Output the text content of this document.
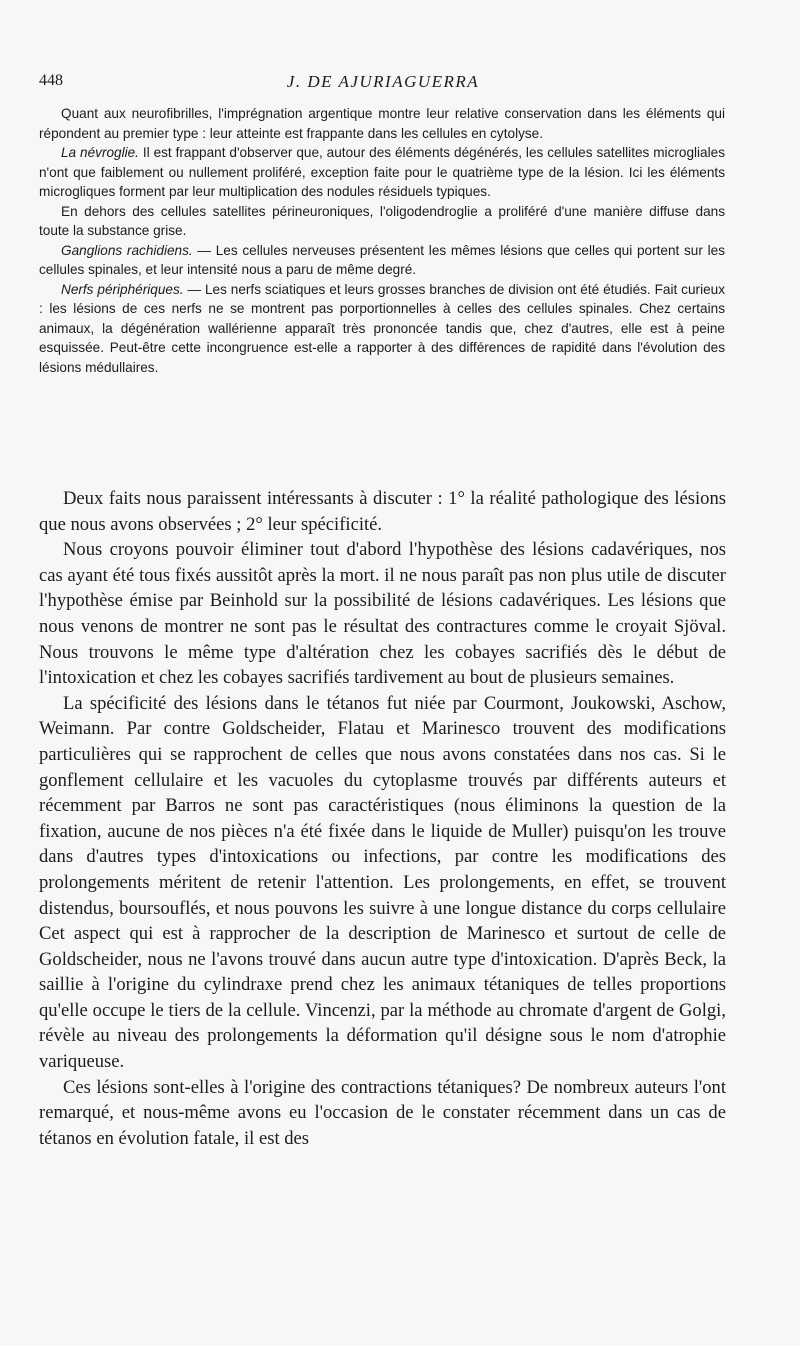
448	J. DE AJURIAGUERRA

Quant aux neurofibrilles, l'imprégnation argentique montre leur relative conservation dans les éléments qui répondent au premier type : leur atteinte est frappante dans les cellules en cytolyse.

La névroglie. Il est frappant d'observer que, autour des éléments dégénérés, les cellules satellites microgliales n'ont que faiblement ou nullement proliféré, exception faite pour le quatrième type de la lésion. Ici les éléments microgliques forment par leur multiplication des nodules résiduels typiques.

En dehors des cellules satellites périneuroniques, l'oligodendroglie a proliféré d'une manière diffuse dans toute la substance grise.

Ganglions rachidiens. — Les cellules nerveuses présentent les mêmes lésions que celles qui portent sur les cellules spinales, et leur intensité nous a paru de même degré.

Nerfs périphériques. — Les nerfs sciatiques et leurs grosses branches de division ont été étudiés. Fait curieux : les lésions de ces nerfs ne se montrent pas porportionnelles à celles des cellules spinales. Chez certains animaux, la dégénération wallérienne apparaît très prononcée tandis que, chez d'autres, elle est à peine esquissée. Peut-être cette incongruence est-elle a rapporter à des différences de rapidité dans l'évolution des lésions médullaires.

Deux faits nous paraissent intéressants à discuter : 1° la réalité pathologique des lésions que nous avons observées ; 2° leur spécificité.

Nous croyons pouvoir éliminer tout d'abord l'hypothèse des lésions cadavériques, nos cas ayant été tous fixés aussitôt après la mort. il ne nous paraît pas non plus utile de discuter l'hypothèse émise par Beinhold sur la possibilité de lésions cadavériques. Les lésions que nous venons de montrer ne sont pas le résultat des contractures comme le croyait Sjöval. Nous trouvons le même type d'altération chez les cobayes sacrifiés dès le début de l'intoxication et chez les cobayes sacrifiés tardivement au bout de plusieurs semaines.

La spécificité des lésions dans le tétanos fut niée par Courmont, Joukowski, Aschow, Weimann. Par contre Goldscheider, Flatau et Marinesco trouvent des modifications particulières qui se rapprochent de celles que nous avons constatées dans nos cas. Si le gonflement cellulaire et les vacuoles du cytoplasme trouvés par différents auteurs et récemment par Barros ne sont pas caractéristiques (nous éliminons la question de la fixation, aucune de nos pièces n'a été fixée dans le liquide de Muller) puisqu'on les trouve dans d'autres types d'intoxications ou infections, par contre les modifications des prolongements méritent de retenir l'attention. Les prolongements, en effet, se trouvent distendus, boursouflés, et nous pouvons les suivre à une longue distance du corps cellulaire Cet aspect qui est à rapprocher de la description de Marinesco et surtout de celle de Goldscheider, nous ne l'avons trouvé dans aucun autre type d'intoxication. D'après Beck, la saillie à l'origine du cylindraxe prend chez les animaux tétaniques de telles proportions qu'elle occupe le tiers de la cellule. Vincenzi, par la méthode au chromate d'argent de Golgi, révèle au niveau des prolongements la déformation qu'il désigne sous le nom d'atrophie variqueuse.

Ces lésions sont-elles à l'origine des contractions tétaniques? De nombreux auteurs l'ont remarqué, et nous-même avons eu l'occasion de le constater récemment dans un cas de tétanos en évolution fatale, il est des
